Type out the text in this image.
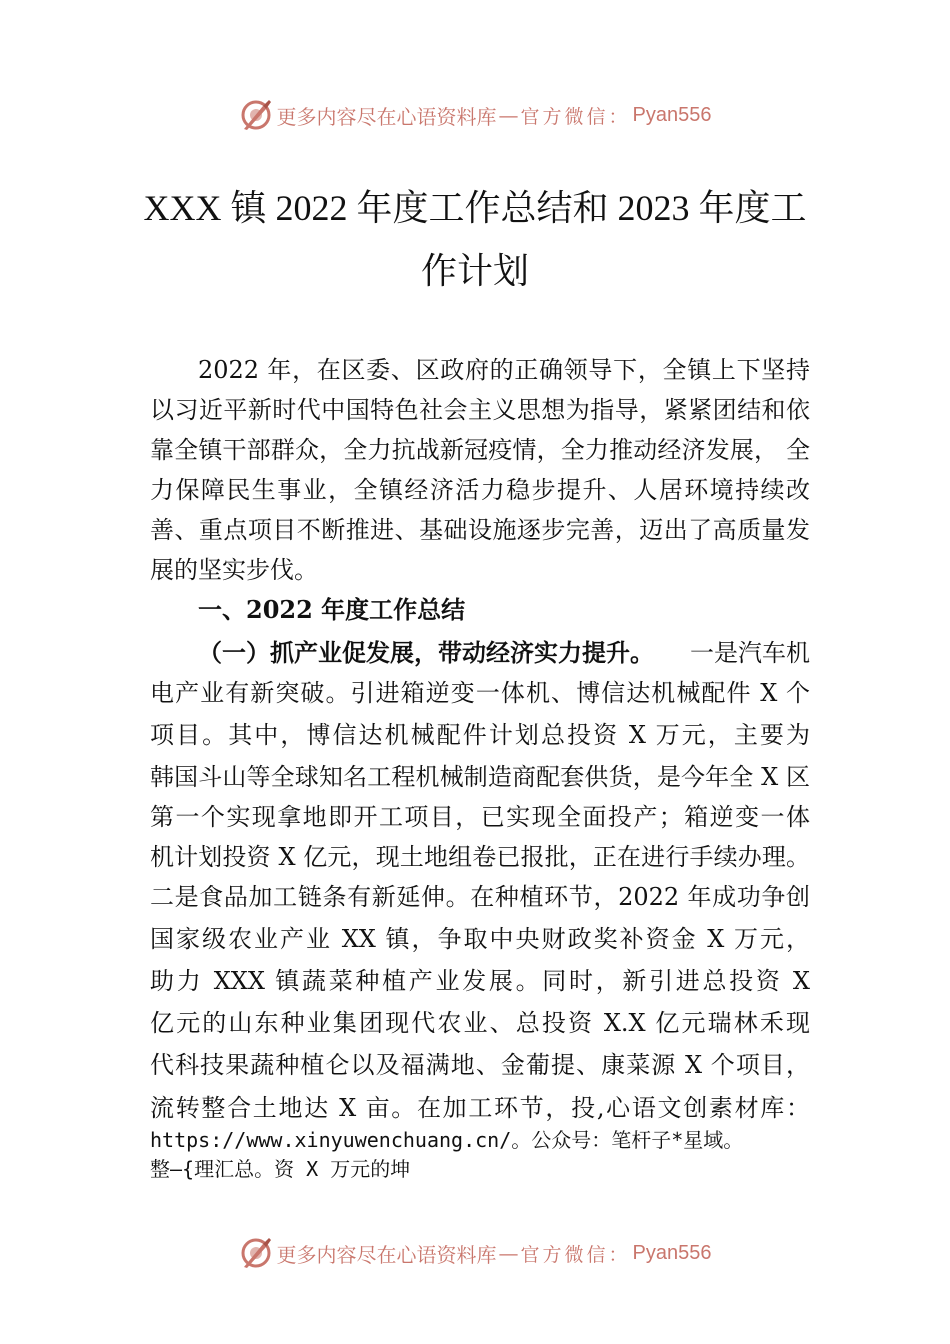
更多内容尽在心语资料库 — 官方微信： Pyan556
XXX 镇 2022 年度工作总结和 2023 年度工
作计划
2022 年，在区委、区政府的正确领导下，全镇上下坚持
以习近平新时代中国特色社会主义思想为指导，紧紧团结和依
靠全镇干部群众，全力抗战新冠疫情，全力推动经济发展， 全
力保障民生事业，全镇经济活力稳步提升、人居环境持续改
善、重点项目不断推进、基础设施逐步完善，迈出了高质量发
展的坚实步伐。
一、2022 年度工作总结
（一）抓产业促发展，带动经济实力提升。 一是汽车机
电产业有新突破。引进箱逆变一体机、博信达机械配件 X 个
项目。其中，博信达机械配件计划总投资 X 万元，主要为
韩国斗山等全球知名工程机械制造商配套供货，是今年全 X 区
第一个实现拿地即开工项目，已实现全面投产；箱逆变一体
机计划投资 X 亿元，现土地组卷已报批，正在进行手续办理。
二是食品加工链条有新延伸。在种植环节，2022 年成功争创
国家级农业产业 XX 镇，争取中央财政奖补资金 X 万元，
助力 XXX 镇蔬菜种植产业发展。同时，新引进总投资 X
亿元的山东种业集团现代农业、总投资 X.X 亿元瑞林禾现
代科技果蔬种植仑以及福满地、金葡提、康菜源 X 个项目，
流转整合土地达 X 亩。在加工环节，投,心语文创素材库：
https://www.xinyuwenchuang.cn/。公众号：笔杆子*星域。
整—{理汇总。资 X 万元的坤
更多内容尽在心语资料库 — 官方微信： Pyan556
